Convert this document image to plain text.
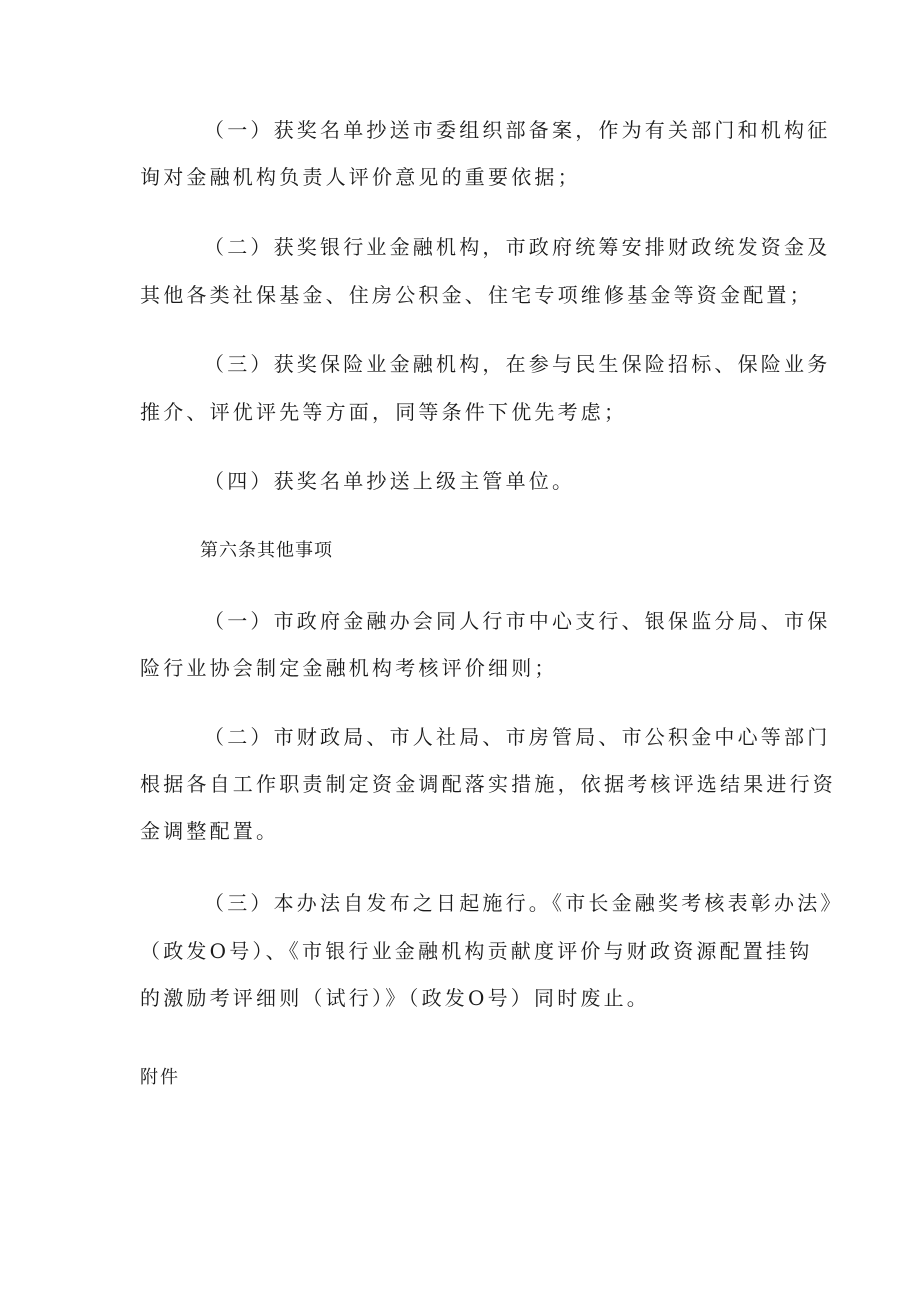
（一）获奖名单抄送市委组织部备案，作为有关部门和机构征
询对金融机构负责人评价意见的重要依据；
（二）获奖银行业金融机构，市政府统筹安排财政统发资金及
其他各类社保基金、住房公积金、住宅专项维修基金等资金配置；
（三）获奖保险业金融机构，在参与民生保险招标、保险业务
推介、评优评先等方面，同等条件下优先考虑；
（四）获奖名单抄送上级主管单位。
第六条其他事项
（一）市政府金融办会同人行市中心支行、银保监分局、市保
险行业协会制定金融机构考核评价细则；
（二）市财政局、市人社局、市房管局、市公积金中心等部门
根据各自工作职责制定资金调配落实措施，依据考核评选结果进行资
金调整配置。
（三）本办法自发布之日起施行。《市长金融奖考核表彰办法》
（政发O号）、《市银行业金融机构贡献度评价与财政资源配置挂钩
的激励考评细则（试行）》（政发O号）同时废止。
附件
